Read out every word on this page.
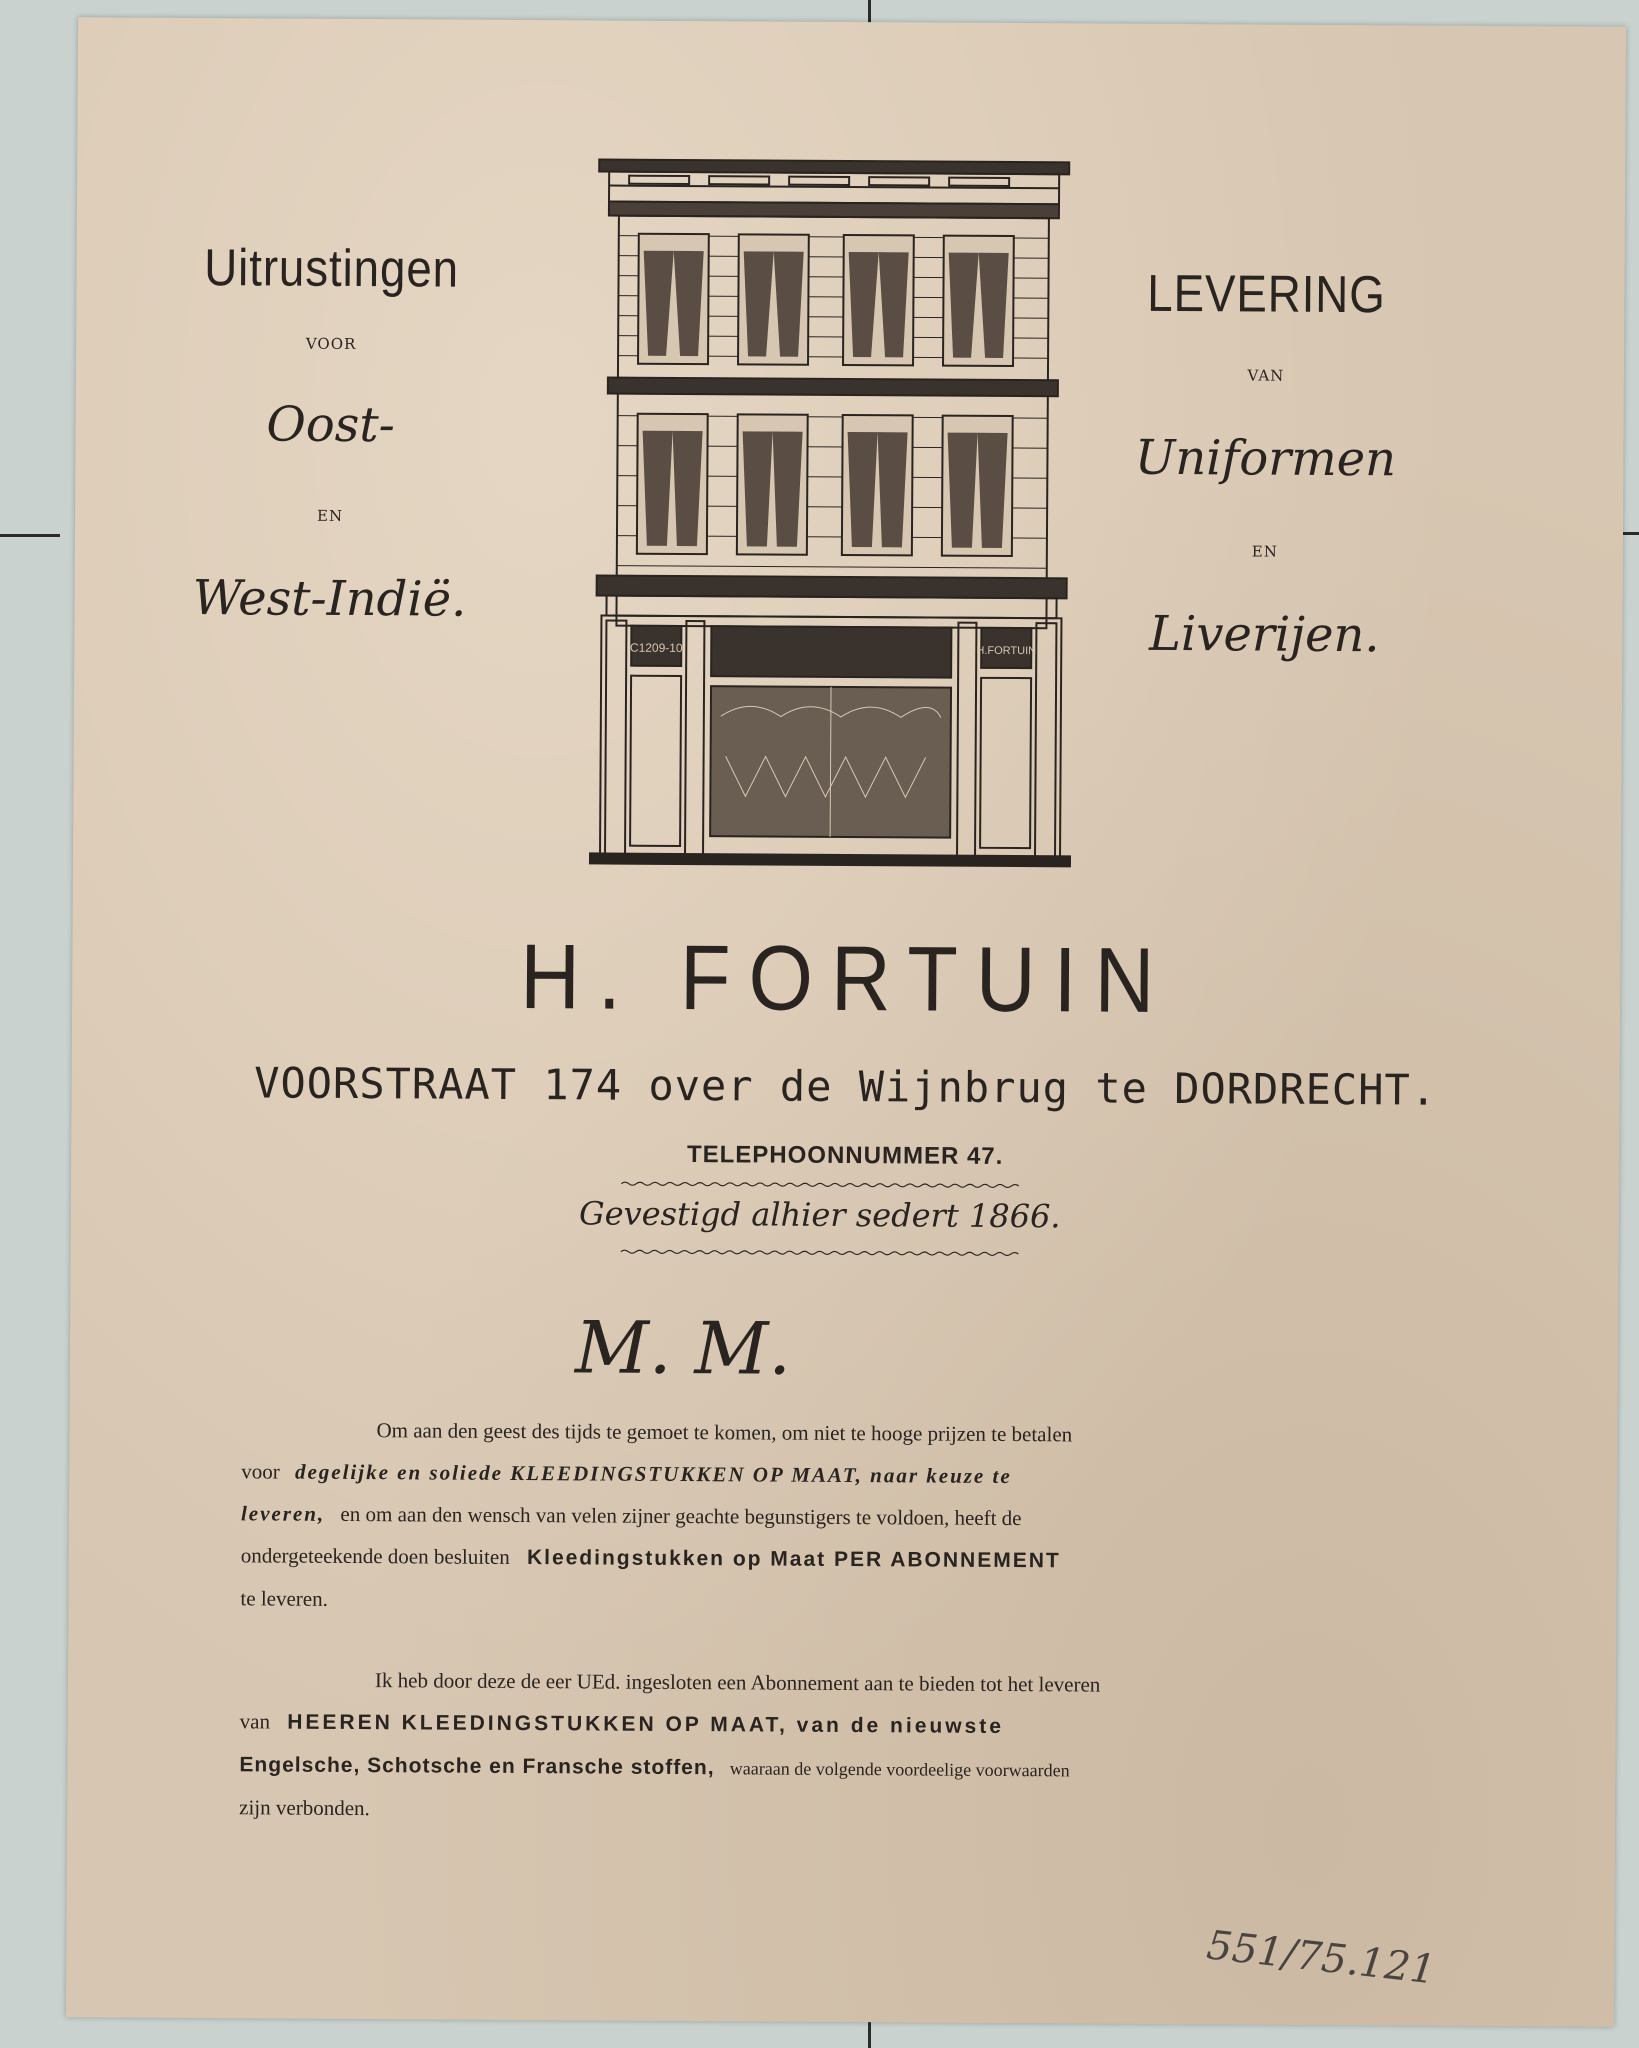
Uitrustingen
VOOR
Oost-
EN
West-Indië.
LEVERING
VAN
Uniformen
EN
Liverijen.
C1209-10	H.FORTUIN
H. FORTUIN
VOORSTRAAT 174 over de Wijnbrug te DORDRECHT.
TELEPHOONNUMMER 47.
Gevestigd alhier sedert 1866.
M. M.
Om aan den geest des tijds te gemoet te komen, om niet te hooge prijzen te betalen
voor degelijke en soliede KLEEDINGSTUKKEN OP MAAT, naar keuze te
leveren, en om aan den wensch van velen zijner geachte begunstigers te voldoen, heeft de
ondergeteekende doen besluiten Kleedingstukken op Maat PER ABONNEMENT
te leveren.
Ik heb door deze de eer UEd. ingesloten een Abonnement aan te bieden tot het leveren
van HEEREN KLEEDINGSTUKKEN OP MAAT, van de nieuwste
Engelsche, Schotsche en Fransche stoffen, waaraan de volgende voordeelige voorwaarden
zijn verbonden.
551/75.121
